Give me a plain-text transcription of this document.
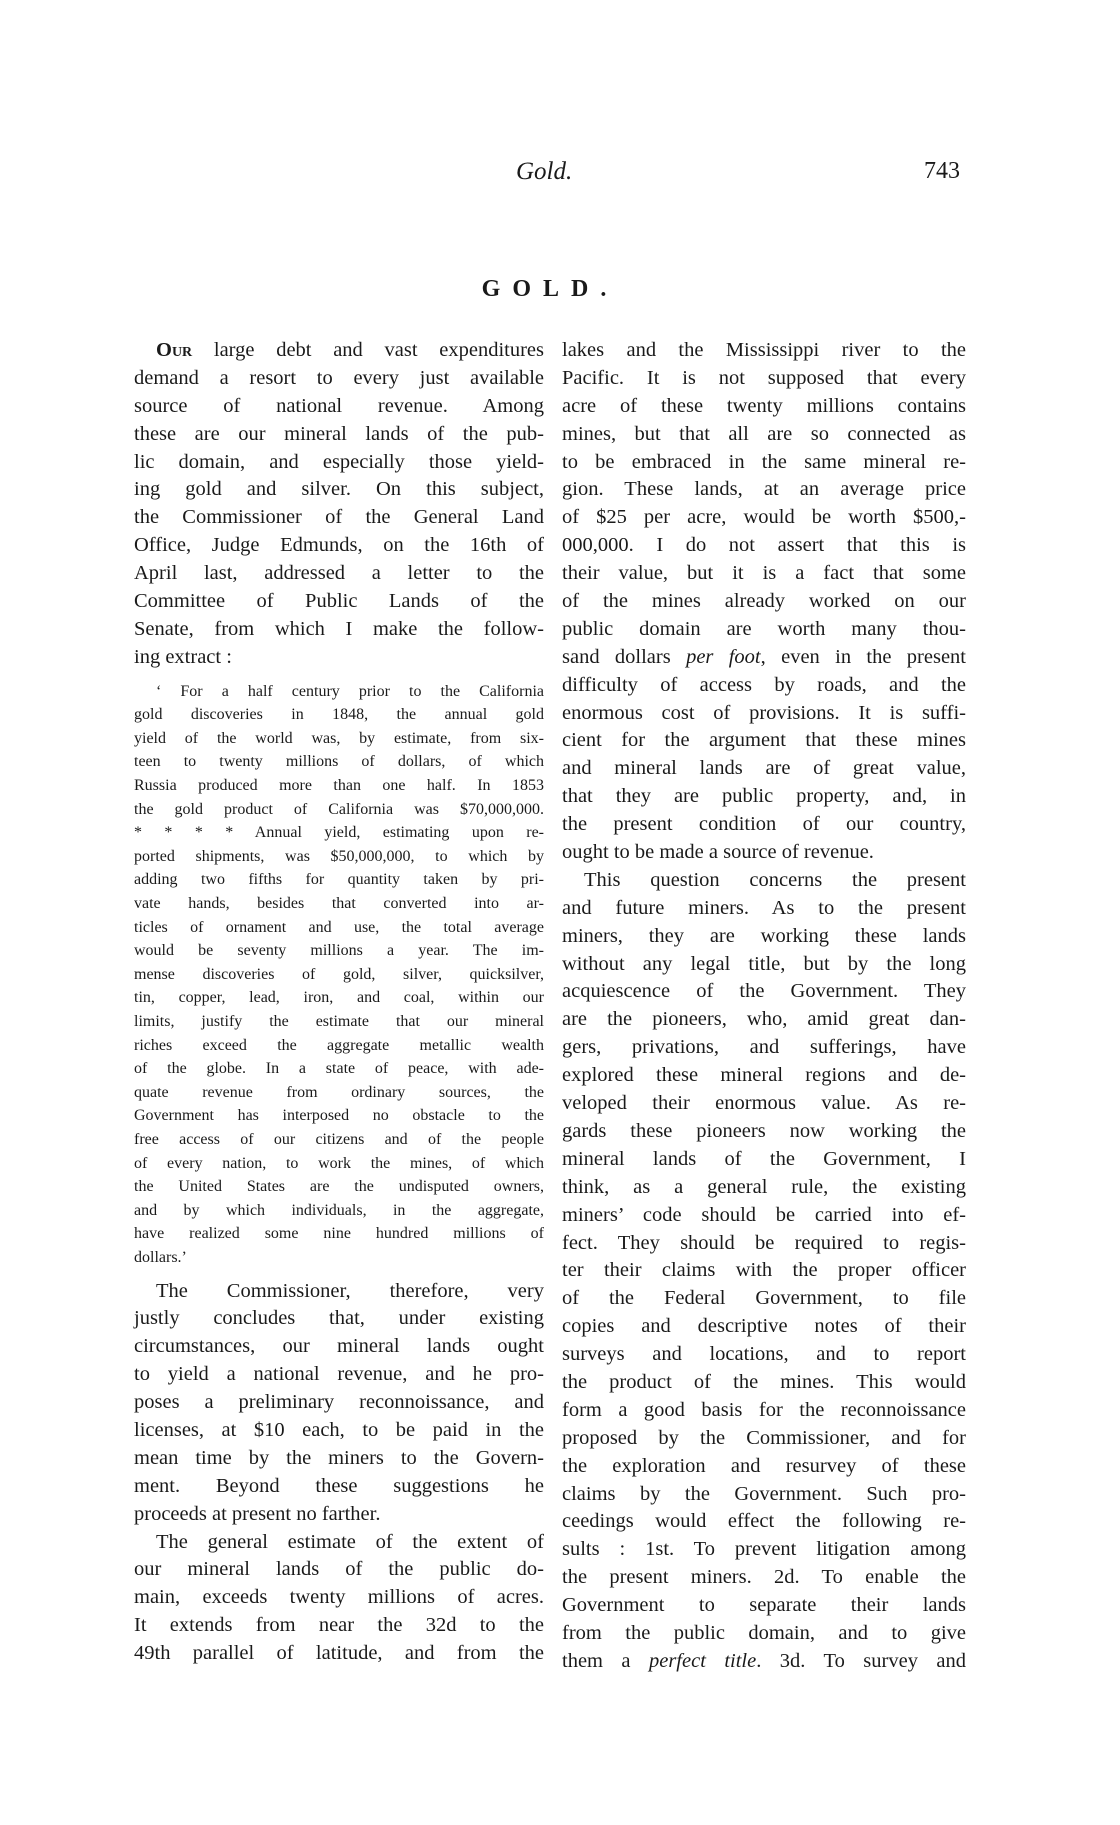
Gold.	743
GOLD.
Our large debt and vast expenditures
demand a resort to every just available
source of national revenue. Among
these are our mineral lands of the pub-
lic domain, and especially those yield-
ing gold and silver. On this subject,
the Commissioner of the General Land
Office, Judge Edmunds, on the 16th of
April last, addressed a letter to the
Committee of Public Lands of the
Senate, from which I make the follow-
ing extract :
‘ For a half century prior to the California
gold discoveries in 1848, the annual gold
yield of the world was, by estimate, from six-
teen to twenty millions of dollars, of which
Russia produced more than one half. In 1853
the gold product of California was $70,000,000.
* * * * Annual yield, estimating upon re-
ported shipments, was $50,000,000, to which by
adding two fifths for quantity taken by pri-
vate hands, besides that converted into ar-
ticles of ornament and use, the total average
would be seventy millions a year. The im-
mense discoveries of gold, silver, quicksilver,
tin, copper, lead, iron, and coal, within our
limits, justify the estimate that our mineral
riches exceed the aggregate metallic wealth
of the globe. In a state of peace, with ade-
quate revenue from ordinary sources, the
Government has interposed no obstacle to the
free access of our citizens and of the people
of every nation, to work the mines, of which
the United States are the undisputed owners,
and by which individuals, in the aggregate,
have realized some nine hundred millions of
dollars.’
The Commissioner, therefore, very
justly concludes that, under existing
circumstances, our mineral lands ought
to yield a national revenue, and he pro-
poses a preliminary reconnoissance, and
licenses, at $10 each, to be paid in the
mean time by the miners to the Govern-
ment. Beyond these suggestions he
proceeds at present no farther.
The general estimate of the extent of
our mineral lands of the public do-
main, exceeds twenty millions of acres.
It extends from near the 32d to the
49th parallel of latitude, and from the
lakes and the Mississippi river to the
Pacific. It is not supposed that every
acre of these twenty millions contains
mines, but that all are so connected as
to be embraced in the same mineral re-
gion. These lands, at an average price
of $25 per acre, would be worth $500,-
000,000. I do not assert that this is
their value, but it is a fact that some
of the mines already worked on our
public domain are worth many thou-
sand dollars per foot, even in the present
difficulty of access by roads, and the
enormous cost of provisions. It is suffi-
cient for the argument that these mines
and mineral lands are of great value,
that they are public property, and, in
the present condition of our country,
ought to be made a source of revenue.
This question concerns the present
and future miners. As to the present
miners, they are working these lands
without any legal title, but by the long
acquiescence of the Government. They
are the pioneers, who, amid great dan-
gers, privations, and sufferings, have
explored these mineral regions and de-
veloped their enormous value. As re-
gards these pioneers now working the
mineral lands of the Government, I
think, as a general rule, the existing
miners’ code should be carried into ef-
fect. They should be required to regis-
ter their claims with the proper officer
of the Federal Government, to file
copies and descriptive notes of their
surveys and locations, and to report
the product of the mines. This would
form a good basis for the reconnoissance
proposed by the Commissioner, and for
the exploration and resurvey of these
claims by the Government. Such pro-
ceedings would effect the following re-
sults : 1st. To prevent litigation among
the present miners. 2d. To enable the
Government to separate their lands
from the public domain, and to give
them a perfect title. 3d. To survey and
